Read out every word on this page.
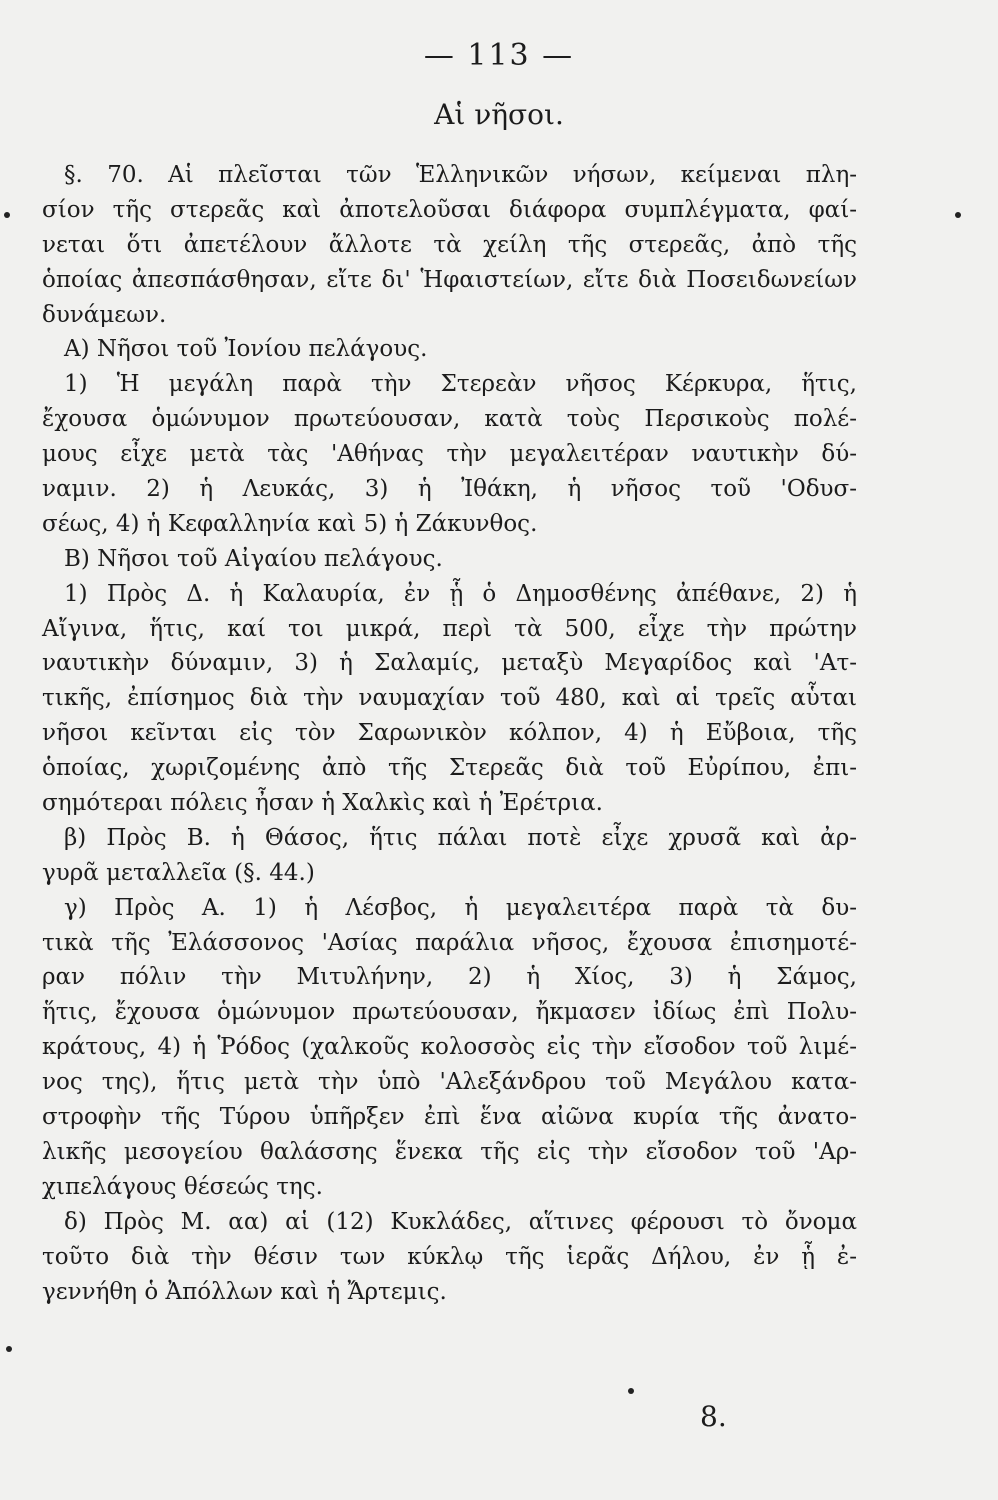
— 113 —
Αἱ νῆσοι.
§. 70. Αἱ πλεῖσται τῶν Ἑλληνικῶν νήσων, κείμεναι πλη-
σίον τῆς στερεᾶς καὶ ἀποτελοῦσαι διάφορα συμπλέγματα, φαί-
νεται ὅτι ἀπετέλουν ἄλλοτε τὰ χείλη τῆς στερεᾶς, ἀπὸ τῆς
ὁποίας ἀπεσπάσθησαν, εἴτε δι' Ἡφαιστείων, εἴτε διὰ Ποσειδωνείων
δυνάμεων.
A) Νῆσοι τοῦ Ἰονίου πελάγους.
1) Ἡ μεγάλη παρὰ τὴν Στερεὰν νῆσος Κέρκυρα, ἥτις,
ἔχουσα ὁμώνυμον πρωτεύουσαν, κατὰ τοὺς Περσικοὺς πολέ-
μους εἶχε μετὰ τὰς 'Αθήνας τὴν μεγαλειτέραν ναυτικὴν δύ-
ναμιν. 2) ἡ Λευκάς, 3) ἡ Ἰθάκη, ἡ νῆσος τοῦ 'Οδυσ-
σέως, 4) ἡ Κεφαλληνία καὶ 5) ἡ Ζάκυνθος.
B) Νῆσοι τοῦ Αἰγαίου πελάγους.
1) Πρὸς Δ. ἡ Καλαυρία, ἐν ᾗ ὁ Δημοσθένης ἀπέθανε, 2) ἡ
Αἴγινα, ἥτις, καί τοι μικρά, περὶ τὰ 500, εἶχε τὴν πρώτην
ναυτικὴν δύναμιν, 3) ἡ Σαλαμίς, μεταξὺ Μεγαρίδος καὶ 'Ατ-
τικῆς, ἐπίσημος διὰ τὴν ναυμαχίαν τοῦ 480, καὶ αἱ τρεῖς αὗται
νῆσοι κεῖνται εἰς τὸν Σαρωνικὸν κόλπον, 4) ἡ Εὔβοια, τῆς
ὁποίας, χωριζομένης ἀπὸ τῆς Στερεᾶς διὰ τοῦ Εὐρίπου, ἐπι-
σημότεραι πόλεις ἦσαν ἡ Χαλκὶς καὶ ἡ Ἐρέτρια.
β) Πρὸς Β. ἡ Θάσος, ἥτις πάλαι ποτὲ εἶχε χρυσᾶ καὶ ἀρ-
γυρᾶ μεταλλεῖα (§. 44.)
γ) Πρὸς Α. 1) ἡ Λέσβος, ἡ μεγαλειτέρα παρὰ τὰ δυ-
τικὰ τῆς Ἐλάσσονος 'Ασίας παράλια νῆσος, ἔχουσα ἐπισημοτέ-
ραν πόλιν τὴν Μιτυλήνην, 2) ἡ Χίος, 3) ἡ Σάμος,
ἥτις, ἔχουσα ὁμώνυμον πρωτεύουσαν, ἤκμασεν ἰδίως ἐπὶ Πολυ-
κράτους, 4) ἡ Ῥόδος (χαλκοῦς κολοσσὸς εἰς τὴν εἴσοδον τοῦ λιμέ-
νος της), ἥτις μετὰ τὴν ὑπὸ 'Αλεξάνδρου τοῦ Μεγάλου κατα-
στροφὴν τῆς Τύρου ὑπῆρξεν ἐπὶ ἕνα αἰῶνα κυρία τῆς ἀνατο-
λικῆς μεσογείου θαλάσσης ἕνεκα τῆς εἰς τὴν εἴσοδον τοῦ 'Αρ-
χιπελάγους θέσεώς της.
δ) Πρὸς Μ. αα) αἱ (12) Κυκλάδες, αἵτινες φέρουσι τὸ ὄνομα
τοῦτο διὰ τὴν θέσιν των κύκλῳ τῆς ἱερᾶς Δήλου, ἐν ᾗ ἐ-
γεννήθη ὁ Ἀπόλλων καὶ ἡ Ἄρτεμις.
8.
